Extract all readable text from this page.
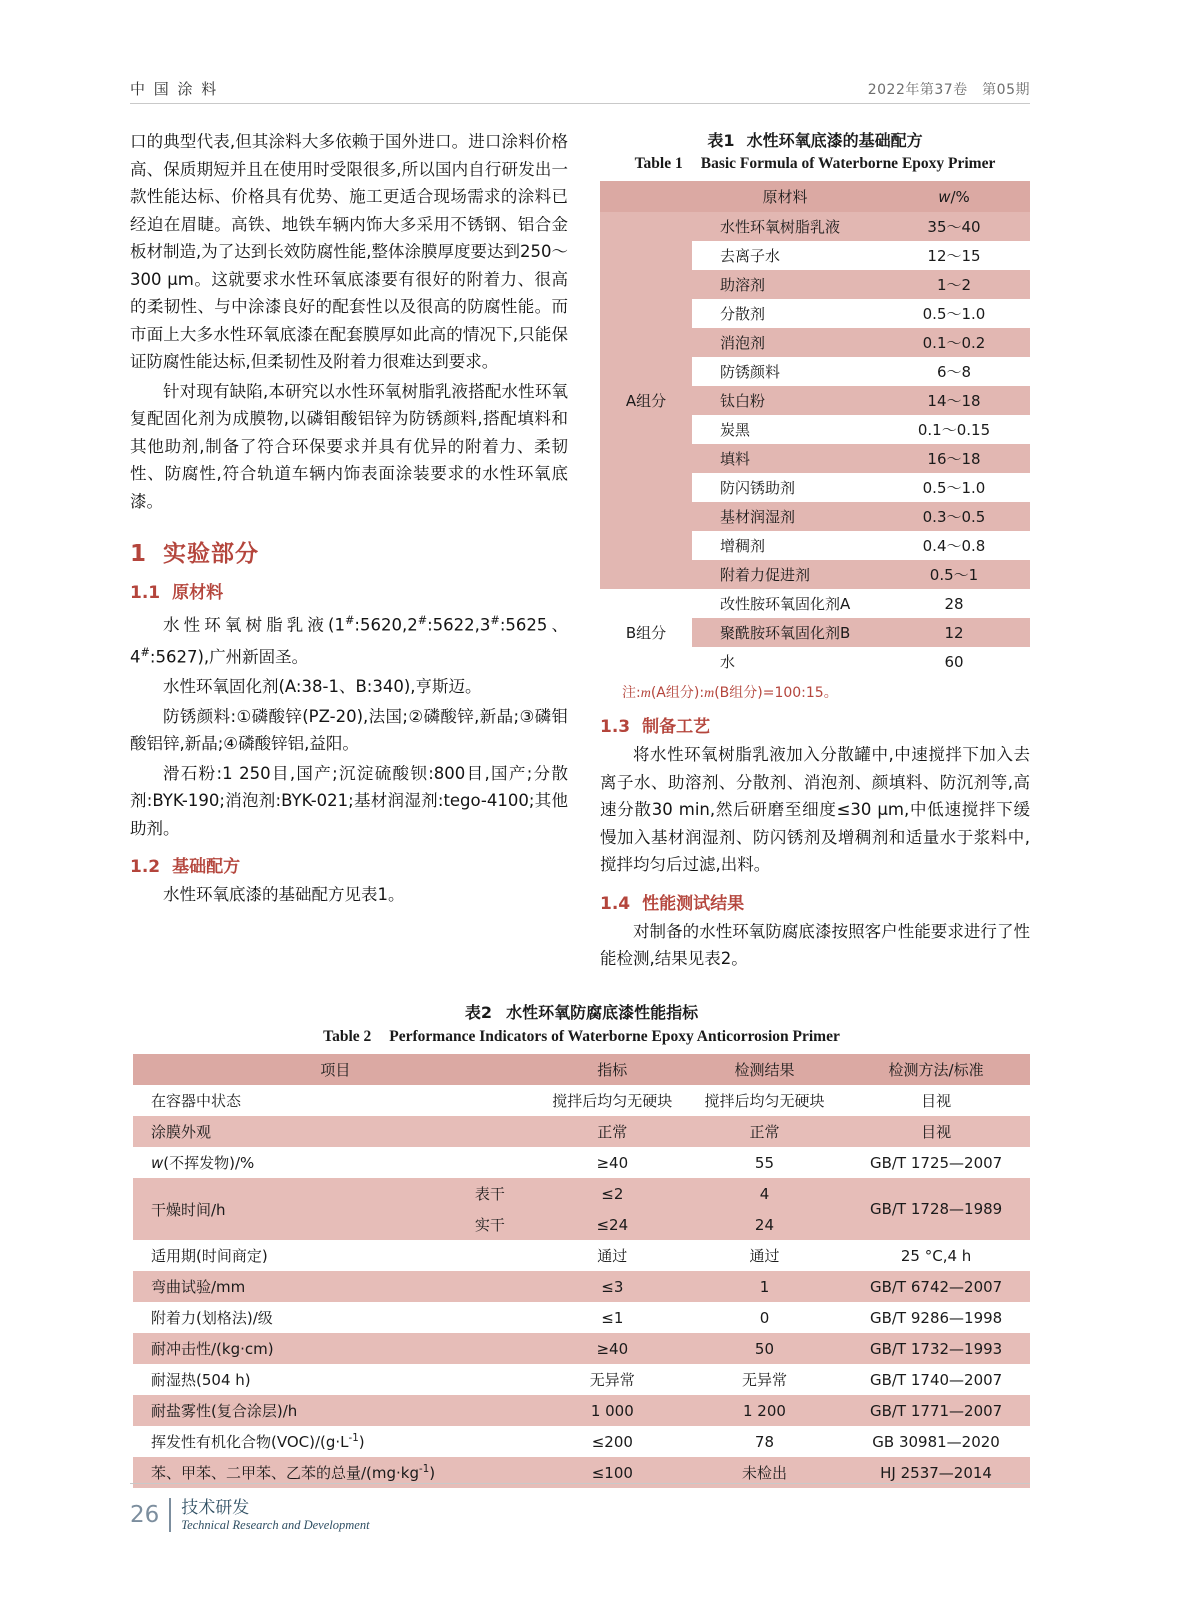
中 国 涂 料	2022年第37卷　第05期

口的典型代表,但其涂料大多依赖于国外进口。进口涂料价格高、保质期短并且在使用时受限很多,所以国内自行研发出一款性能达标、价格具有优势、施工更适合现场需求的涂料已经迫在眉睫。高铁、地铁车辆内饰大多采用不锈钢、铝合金板材制造,为了达到长效防腐性能,整体涂膜厚度要达到250～300 μm。这就要求水性环氧底漆要有很好的附着力、很高的柔韧性、与中涂漆良好的配套性以及很高的防腐性能。而市面上大多水性环氧底漆在配套膜厚如此高的情况下,只能保证防腐性能达标,但柔韧性及附着力很难达到要求。

针对现有缺陷,本研究以水性环氧树脂乳液搭配水性环氧复配固化剂为成膜物,以磷钼酸铝锌为防锈颜料,搭配填料和其他助剂,制备了符合环保要求并具有优异的附着力、柔韧性、防腐性,符合轨道车辆内饰表面涂装要求的水性环氧底漆。

1 实验部分
1.1 原材料

水性环氧树脂乳液(1#:5620,2#:5622,3#:5625、4#:5627),广州新固圣。

水性环氧固化剂(A:38-1、B:340),亨斯迈。

防锈颜料:①磷酸锌(PZ-20),法国;②磷酸锌,新晶;③磷钼酸铝锌,新晶;④磷酸锌铝,益阳。

滑石粉:1 250目,国产;沉淀硫酸钡:800目,国产;分散剂:BYK-190;消泡剂:BYK-021;基材润湿剂:tego-4100;其他助剂。

1.2 基础配方

水性环氧底漆的基础配方见表1。

表1 水性环氧底漆的基础配方
Table 1 Basic Formula of Waterborne Epoxy Primer
	原材料	w/%
A组分	水性环氧树脂乳液	35～40
	去离子水	12～15
	助溶剂	1～2
	分散剂	0.5～1.0
	消泡剂	0.1～0.2
	防锈颜料	6～8
	钛白粉	14～18
	炭黑	0.1～0.15
	填料	16～18
	防闪锈助剂	0.5～1.0
	基材润湿剂	0.3～0.5
	增稠剂	0.4～0.8
	附着力促进剂	0.5～1
B组分	改性胺环氧固化剂A	28
	聚酰胺环氧固化剂B	12
	水	60
注:m(A组分):m(B组分)=100:15。
1.3 制备工艺

将水性环氧树脂乳液加入分散罐中,中速搅拌下加入去离子水、助溶剂、分散剂、消泡剂、颜填料、防沉剂等,高速分散30 min,然后研磨至细度≤30 μm,中低速搅拌下缓慢加入基材润湿剂、防闪锈剂及增稠剂和适量水于浆料中,搅拌均匀后过滤,出料。

1.4 性能测试结果

对制备的水性环氧防腐底漆按照客户性能要求进行了性能检测,结果见表2。

表2 水性环氧防腐底漆性能指标
Table 2 Performance Indicators of Waterborne Epoxy Anticorrosion Primer
项目		指标	检测结果	检测方法/标准
在容器中状态		搅拌后均匀无硬块	搅拌后均匀无硬块	目视
涂膜外观		正常	正常	目视
w(不挥发物)/%		≥40	55	GB/T 1725—2007
干燥时间/h	表干	≤2	4	GB/T 1728—1989
	实干	≤24	24	
适用期(时间商定)		通过	通过	25 °C,4 h
弯曲试验/mm		≤3	1	GB/T 6742—2007
附着力(划格法)/级		≤1	0	GB/T 9286—1998
耐冲击性/(kg·cm)		≥40	50	GB/T 1732—1993
耐湿热(504 h)		无异常	无异常	GB/T 1740—2007
耐盐雾性(复合涂层)/h		1 000	1 200	GB/T 1771—2007
挥发性有机化合物$(VOC)/(g\cdot L^{-1})$		≤200	78	GB 30981—2020
苯、甲苯、二甲苯、乙苯的总量$/(mg\cdot kg^{-1})$		≤100	未检出	HJ 2537—2014
26 技术研发
Technical Research and Development
